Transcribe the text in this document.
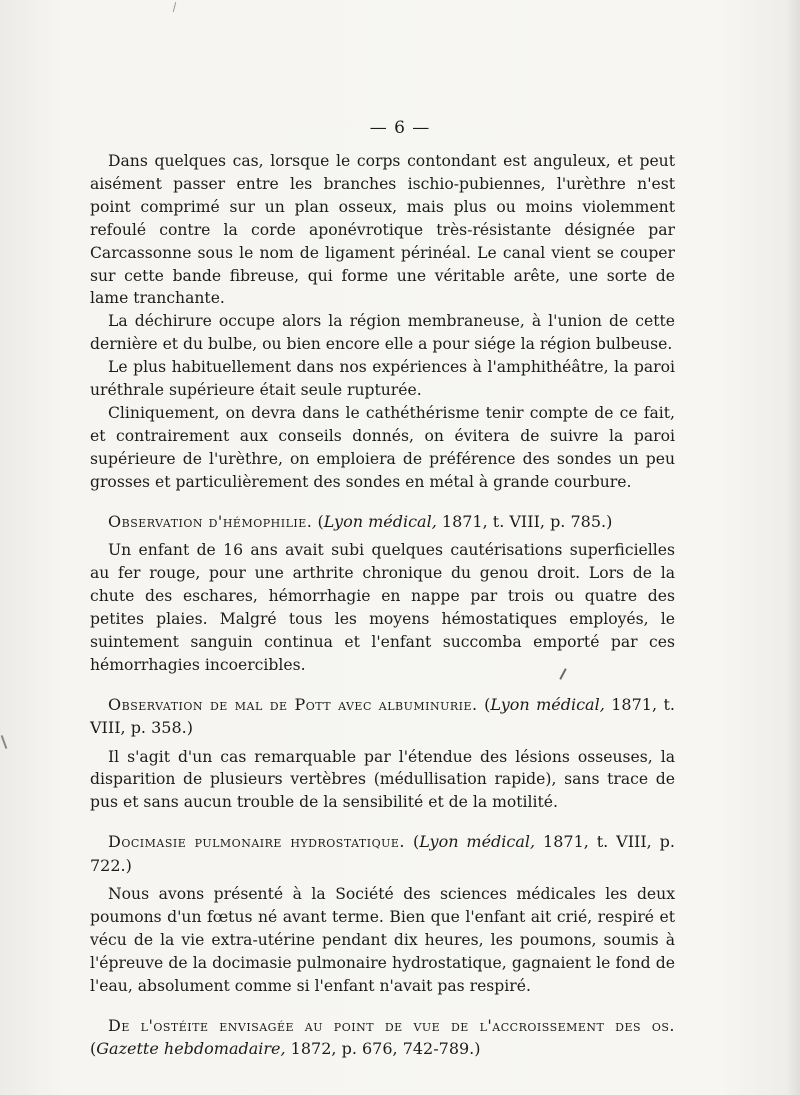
— 6 —

Dans quelques cas, lorsque le corps contondant est anguleux, et peut aisément passer entre les branches ischio-pubiennes, l'urèthre n'est point comprimé sur un plan osseux, mais plus ou moins violemment refoulé contre la corde aponévrotique très-résistante désignée par Carcassonne sous le nom de ligament périnéal. Le canal vient se couper sur cette bande fibreuse, qui forme une véritable arête, une sorte de lame tranchante.

La déchirure occupe alors la région membraneuse, à l'union de cette dernière et du bulbe, ou bien encore elle a pour siége la région bulbeuse.

Le plus habituellement dans nos expériences à l'amphithéâtre, la paroi uréthrale supérieure était seule rupturée.

Cliniquement, on devra dans le cathéthérisme tenir compte de ce fait, et contrairement aux conseils donnés, on évitera de suivre la paroi supérieure de l'urèthre, on emploiera de préférence des sondes un peu grosses et particulièrement des sondes en métal à grande courbure.

Observation d'hémophilie. (Lyon médical, 1871, t. VIII, p. 785.)

Un enfant de 16 ans avait subi quelques cautérisations superficielles au fer rouge, pour une arthrite chronique du genou droit. Lors de la chute des eschares, hémorrhagie en nappe par trois ou quatre des petites plaies. Malgré tous les moyens hémostatiques employés, le suintement sanguin continua et l'enfant succomba emporté par ces hémorrhagies incoercibles.

Observation de mal de Pott avec albuminurie. (Lyon médical, 1871, t. VIII, p. 358.)

Il s'agit d'un cas remarquable par l'étendue des lésions osseuses, la disparition de plusieurs vertèbres (médullisation rapide), sans trace de pus et sans aucun trouble de la sensibilité et de la motilité.

Docimasie pulmonaire hydrostatique. (Lyon médical, 1871, t. VIII, p. 722.)

Nous avons présenté à la Société des sciences médicales les deux poumons d'un fœtus né avant terme. Bien que l'enfant ait crié, respiré et vécu de la vie extra-utérine pendant dix heures, les poumons, soumis à l'épreuve de la docimasie pulmonaire hydrostatique, gagnaient le fond de l'eau, absolument comme si l'enfant n'avait pas respiré.

De l'ostéite envisagée au point de vue de l'accroissement des os. (Gazette hebdomadaire, 1872, p. 676, 742-789.)
